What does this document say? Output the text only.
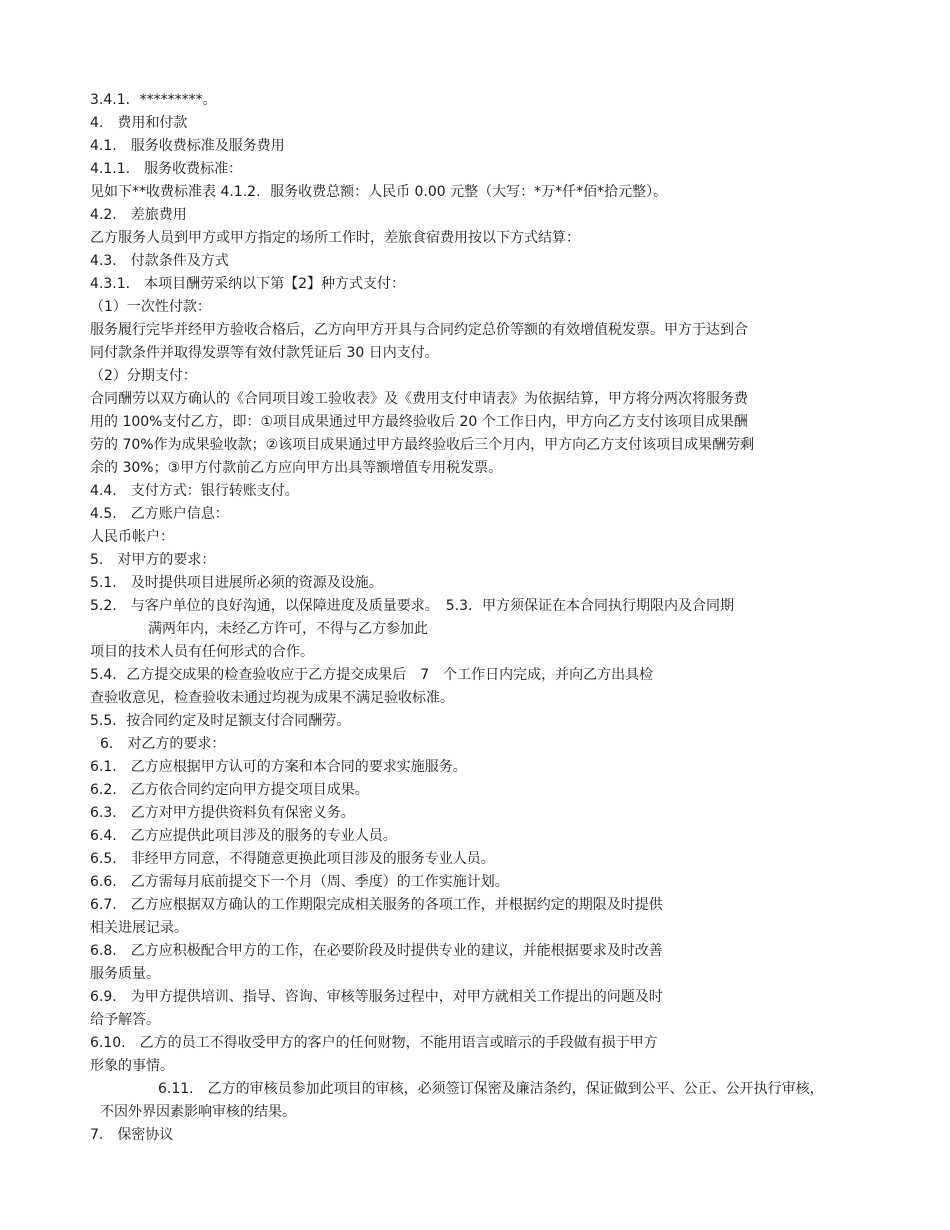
3.4.1．*********。
4.　费用和付款
4.1.　服务收费标准及服务费用
4.1.1.　服务收费标准：
见如下**收费标准表 4.1.2．服务收费总额：人民币 0.00 元整（大写：*万*仟*佰*拾元整）。
4.2.　差旅费用
乙方服务人员到甲方或甲方指定的场所工作时，差旅食宿费用按以下方式结算：
4.3.　付款条件及方式
4.3.1.　本项目酬劳采纳以下第【2】种方式支付：
（1）一次性付款：
服务履行完毕并经甲方验收合格后，乙方向甲方开具与合同约定总价等额的有效增值税发票。甲方于达到合
同付款条件并取得发票等有效付款凭证后 30 日内支付。
（2）分期支付：
合同酬劳以双方确认的《合同项目竣工验收表》及《费用支付申请表》为依据结算，甲方将分两次将服务费
用的 100%支付乙方，即：①项目成果通过甲方最终验收后 20 个工作日内，甲方向乙方支付该项目成果酬
劳的 70%作为成果验收款；②该项目成果通过甲方最终验收后三个月内，甲方向乙方支付该项目成果酬劳剩
余的 30%；③甲方付款前乙方应向甲方出具等额增值专用税发票。
4.4.　支付方式：银行转账支付。
4.5.　乙方账户信息：
人民币帐户：
5.　对甲方的要求：
5.1.　及时提供项目进展所必须的资源及设施。
5.2.　与客户单位的良好沟通，以保障进度及质量要求。　5.3．甲方须保证在本合同执行期限内及合同期
满两年内，未经乙方许可，不得与乙方参加此
项目的技术人员有任何形式的合作。
5.4．乙方提交成果的检查验收应于乙方提交成果后　7　个工作日内完成，并向乙方出具检
查验收意见，检查验收未通过均视为成果不满足验收标准。
5.5．按合同约定及时足额支付合同酬劳。
6.　对乙方的要求：
6.1.　乙方应根据甲方认可的方案和本合同的要求实施服务。
6.2.　乙方依合同约定向甲方提交项目成果。
6.3.　乙方对甲方提供资料负有保密义务。
6.4.　乙方应提供此项目涉及的服务的专业人员。
6.5.　非经甲方同意，不得随意更换此项目涉及的服务专业人员。
6.6.　乙方需每月底前提交下一个月（周、季度）的工作实施计划。
6.7.　乙方应根据双方确认的工作期限完成相关服务的各项工作，并根据约定的期限及时提供
相关进展记录。
6.8.　乙方应积极配合甲方的工作，在必要阶段及时提供专业的建议，并能根据要求及时改善
服务质量。
6.9.　为甲方提供培训、指导、咨询、审核等服务过程中，对甲方就相关工作提出的问题及时
给予解答。
6.10.　乙方的员工不得收受甲方的客户的任何财物，不能用语言或暗示的手段做有损于甲方
形象的事情。
6.11.　乙方的审核员参加此项目的审核，必须签订保密及廉洁条约，保证做到公平、公正、公开执行审核，
不因外界因素影响审核的结果。
7.　保密协议
